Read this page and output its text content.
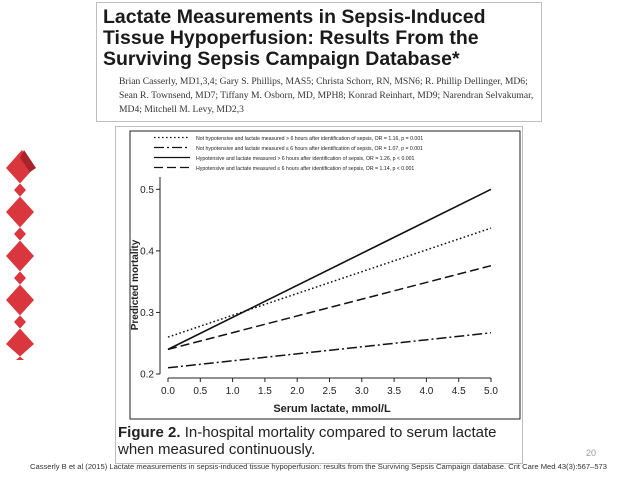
Lactate Measurements in Sepsis-Induced Tissue Hypoperfusion: Results From the Surviving Sepsis Campaign Database*
Brian Casserly, MD1,3,4; Gary S. Phillips, MAS5; Christa Schorr, RN, MSN6; R. Phillip Dellinger, MD6; Sean R. Townsend, MD7; Tiffany M. Osborn, MD, MPH8; Konrad Reinhart, MD9; Narendran Selvakumar, MD4; Mitchell M. Levy, MD2,3
Not hypotensive and lactate measured > 6 hours after identification of sepsis, OR = 1.16, p = 0.001
Not hypotensive and lactate measured ≤ 6 hours after identification of sepsis, OR = 1.07, p = 0.001
Hypotensive and lactate measured > 6 hours after identification of sepsis, OR = 1.26, p < 0.001
Hypotensive and lactate measured ≤ 6 hours after identification of sepsis, OR = 1.14, p < 0.001
0.0 0.5 1.0 1.5 2.0 2.5 3.0 3.5 4.0 4.5 5.0
0.2
0.3
0.4
0.5
Predicted mortality
Serum lactate, mmol/L
Figure 2. In-hospital mortality compared to serum lactate when measured continuously.	20
Casserly B et al (2015) Lactate measurements in sepsis-induced tissue hypoperfusion: results from the Surviving Sepsis Campaign database. Crit Care Med 43(3):567–573
